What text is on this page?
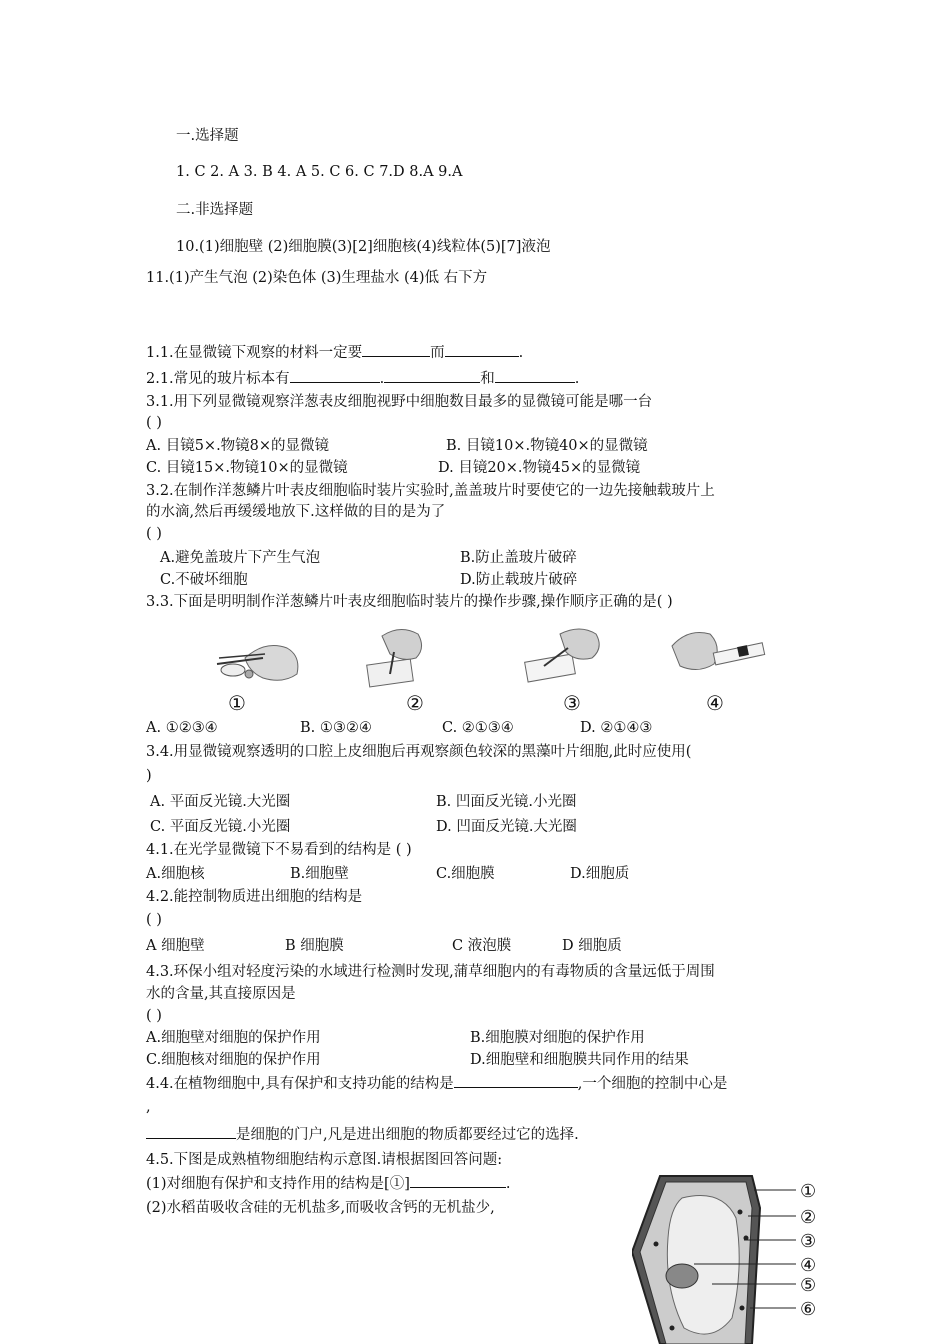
一.选择题
1. C 2. A 3. B 4. A 5. C 6. C 7.D 8.A 9.A
二.非选择题
10.(1)细胞壁 (2)细胞膜(3)[2]细胞核(4)线粒体(5)[7]液泡
11.(1)产生气泡 (2)染色体 (3)生理盐水 (4)低 右下方
1.1.在显微镜下观察的材料一定要	而	.
2.1.常见的玻片标本有	.	和	.
3.1.用下列显微镜观察洋葱表皮细胞视野中细胞数目最多的显微镜可能是哪一台
( )
A. 目镜5×.物镜8×的显微镜	B. 目镜10×.物镜40×的显微镜
C. 目镜15×.物镜10×的显微镜	D. 目镜20×.物镜45×的显微镜
3.2.在制作洋葱鳞片叶表皮细胞临时装片实验时,盖盖玻片时要使它的一边先接触载玻片上
的水滴,然后再缓缓地放下.这样做的目的是为了
( )
A.避免盖玻片下产生气泡	B.防止盖玻片破碎
C.不破坏细胞	D.防止载玻片破碎
3.3.下面是明明制作洋葱鳞片叶表皮细胞临时装片的操作步骤,操作顺序正确的是( )
①	②	③	④
A. ①②③④	B. ①③②④	C. ②①③④	D. ②①④③
3.4.用显微镜观察透明的口腔上皮细胞后再观察颜色较深的黑藻叶片细胞,此时应使用(
)
A. 平面反光镜.大光圈	B. 凹面反光镜.小光圈
C. 平面反光镜.小光圈	D. 凹面反光镜.大光圈
4.1.在光学显微镜下不易看到的结构是 ( )
A.细胞核	B.细胞壁	C.细胞膜	D.细胞质
4.2.能控制物质进出细胞的结构是
( )
A 细胞壁	B 细胞膜	C 液泡膜	D 细胞质
4.3.环保小组对轻度污染的水域进行检测时发现,蒲草细胞内的有毒物质的含量远低于周围
水的含量,其直接原因是
( )
A.细胞壁对细胞的保护作用	B.细胞膜对细胞的保护作用
C.细胞核对细胞的保护作用	D.细胞壁和细胞膜共同作用的结果
4.4.在植物细胞中,具有保护和支持功能的结构是	,一个细胞的控制中心是
,
是细胞的门户,凡是进出细胞的物质都要经过它的选择.
4.5.下图是成熟植物细胞结构示意图.请根据图回答问题:
(1)对细胞有保护和支持作用的结构是[①]	.
(2)水稻苗吸收含硅的无机盐多,而吸收含钙的无机盐少,
①
②
③
④
⑤
⑥
